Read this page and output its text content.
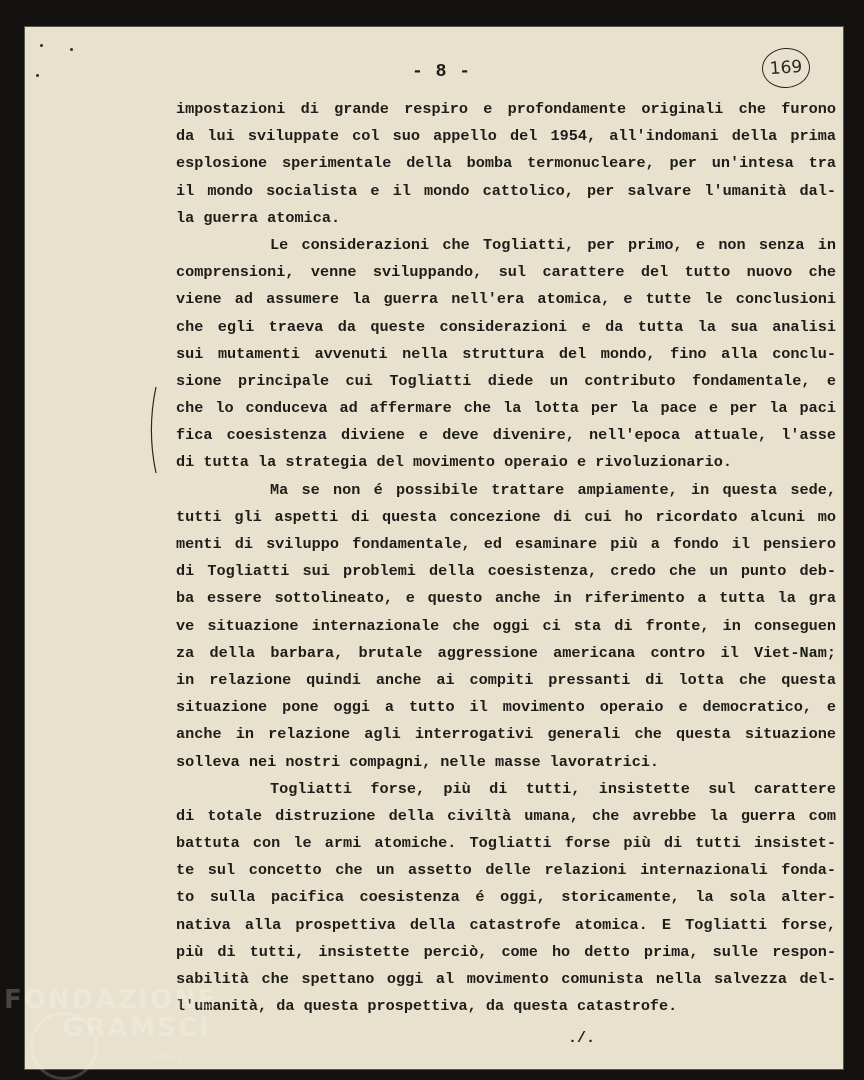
- 8 -	169
impostazioni di grande respiro e profondamente originali che furono
da lui sviluppate col suo appello del 1954, all'indomani della prima
esplosione sperimentale della bomba termonucleare, per un'intesa tra
il mondo socialista e il mondo cattolico, per salvare l'umanità dal-
la guerra atomica.
Le considerazioni che Togliatti, per primo, e non senza in
comprensioni, venne sviluppando, sul carattere del tutto nuovo che
viene ad assumere la guerra nell'era atomica, e tutte le conclusioni
che egli traeva da queste considerazioni e da tutta la sua analisi
sui mutamenti avvenuti nella struttura del mondo, fino alla conclu-
sione principale cui Togliatti diede un contributo fondamentale, e
che lo conduceva ad affermare che la lotta per la pace e per la paci
fica coesistenza diviene e deve divenire, nell'epoca attuale, l'asse
di tutta la strategia del movimento operaio e rivoluzionario.
Ma se non é possibile trattare ampiamente, in questa sede,
tutti gli aspetti di questa concezione di cui ho ricordato alcuni mo
menti di sviluppo fondamentale, ed esaminare più a fondo il pensiero
di Togliatti sui problemi della coesistenza, credo che un punto deb-
ba essere sottolineato, e questo anche in riferimento a tutta la gra
ve situazione internazionale che oggi ci sta di fronte, in conseguen
za della barbara, brutale aggressione americana contro il Viet-Nam;
in relazione quindi anche ai compiti pressanti di lotta che questa
situazione pone oggi a tutto il movimento operaio e democratico, e
anche in relazione agli interrogativi generali che questa situazione
solleva nei nostri compagni, nelle masse lavoratrici.
Togliatti forse, più di tutti, insistette sul carattere
di totale distruzione della civiltà umana, che avrebbe la guerra com
battuta con le armi atomiche. Togliatti forse più di tutti insistet-
te sul concetto che un assetto delle relazioni internazionali fonda-
to sulla pacifica coesistenza é oggi, storicamente, la sola alter-
nativa alla prospettiva della catastrofe atomica. E Togliatti forse,
più di tutti, insistette perciò, come ho detto prima, sulle respon-
sabilità che spettano oggi al movimento comunista nella salvezza del-
l'umanità, da questa prospettiva, da questa catastrofe.
./.
FONDAZIONE
GRAMSCI
onlus
